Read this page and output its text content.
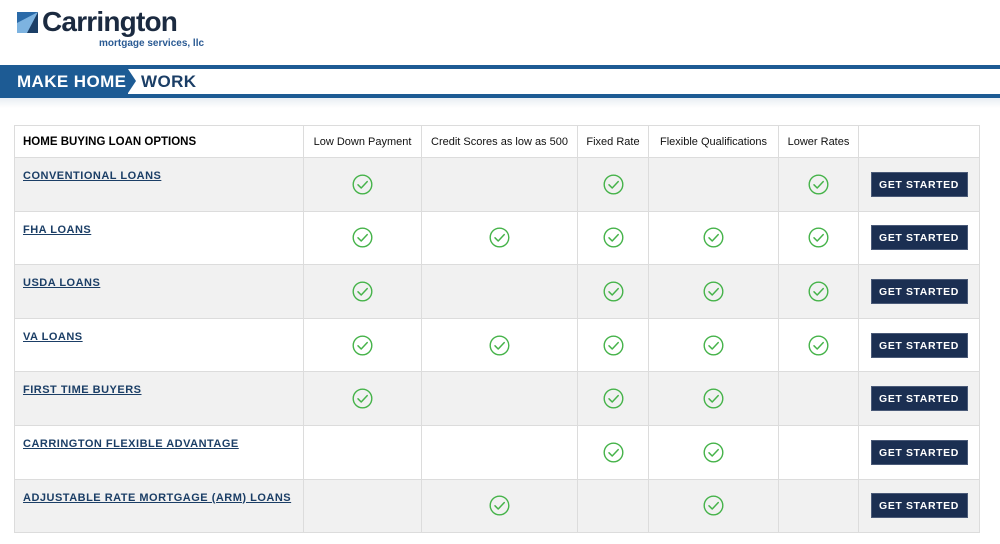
Carrington
mortgage services, llc
MAKE HOME WORK
HOME BUYING LOAN OPTIONS	Low Down Payment	Credit Scores as low as 500	Fixed Rate	Flexible Qualifications	Lower Rates	
CONVENTIONAL LOANS						GET STARTED
FHA LOANS						GET STARTED
USDA LOANS						GET STARTED
VA LOANS						GET STARTED
FIRST TIME BUYERS						GET STARTED
CARRINGTON FLEXIBLE ADVANTAGE						GET STARTED
ADJUSTABLE RATE MORTGAGE (ARM) LOANS						GET STARTED
